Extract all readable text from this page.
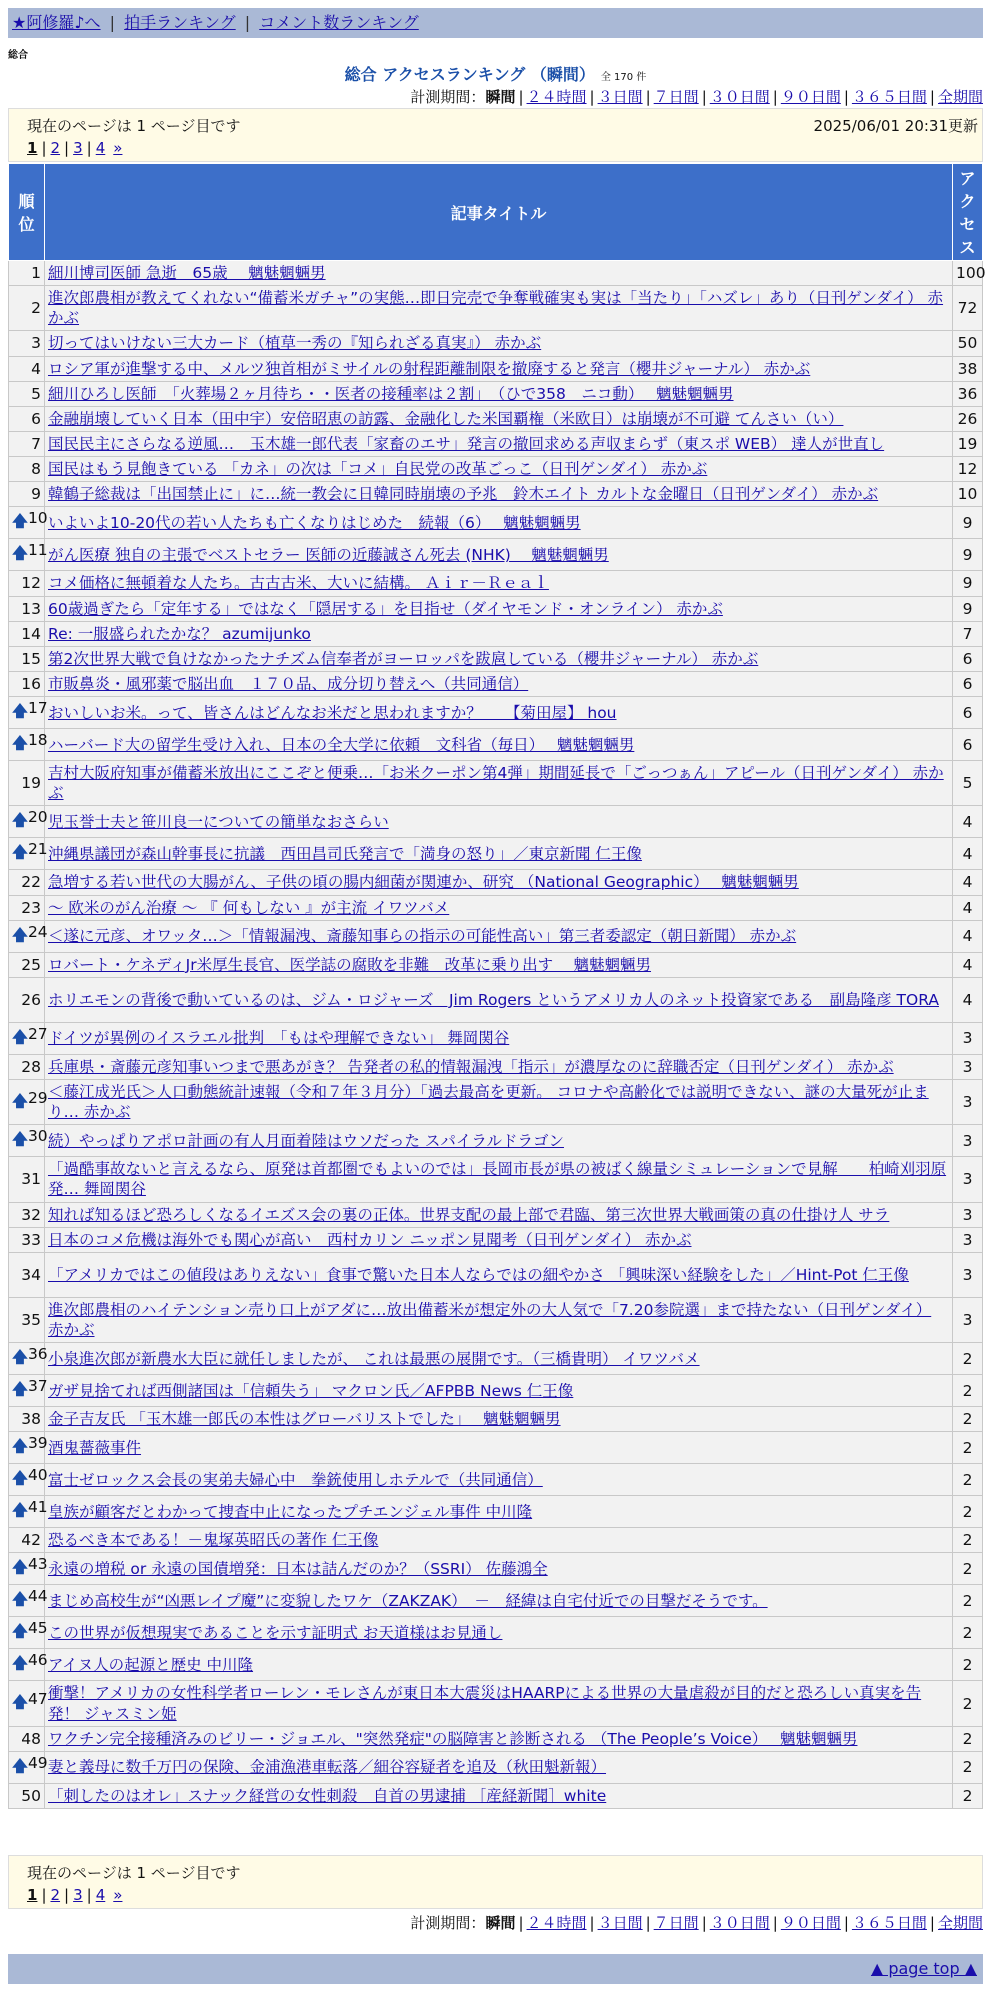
★阿修羅♪へ | 拍手ランキング | コメント数ランキング
総合
総合 アクセスランキング （瞬間） 全 170 件
計測期間：瞬間 | ２４時間 | ３日間 | ７日間 | ３０日間 | ９０日間 | ３６５日間 | 全期間
現在のページは 1 ページ目です	2025/06/01 20:31更新
1 | 2 | 3 | 4 »
順位	記事タイトル	アクセス
1	細川博司医師 急逝　65歳　 魑魅魍魎男	100
2	進次郎農相が教えてくれない“備蓄米ガチャ”の実態…即日完売で争奪戦確実も実は「当たり」「ハズレ」あり（日刊ゲンダイ） 赤かぶ	72
3	切ってはいけない三大カード（植草一秀の『知られざる真実』） 赤かぶ	50
4	ロシア軍が進撃する中、メルツ独首相がミサイルの射程距離制限を撤廃すると発言（櫻井ジャーナル） 赤かぶ	38
5	細川ひろし医師　「火葬場２ヶ月待ち・・医者の接種率は２割」　（ひで358　ニコ動）　 魑魅魍魎男	36
6	金融崩壊していく日本（田中宇）安倍昭恵の訪露、金融化した米国覇権（米欧日）は崩壊が不可避 てんさい（い）	26
7	国民民主にさらなる逆風…　玉木雄一郎代表「家畜のエサ」発言の撤回求める声収まらず（東スポ WEB） 達人が世直し	19
8	国民はもう見飽きている 「カネ」の次は「コメ」自民党の改革ごっこ（日刊ゲンダイ） 赤かぶ	12
9	韓鶴子総裁は「出国禁止に」に…統一教会に日韓同時崩壊の予兆　鈴木エイト カルトな金曜日（日刊ゲンダイ） 赤かぶ	10

🡅 10	いよいよ10-20代の若い人たちも亡くなりはじめた　続報（6）　 魑魅魍魎男	9

🡅 11	がん医療 独自の主張でベストセラー 医師の近藤誠さん死去 (NHK)　 魑魅魍魎男	9
12	コメ価格に無頓着な人たち。古古古米、大いに結構。 Ａｉｒ－Ｒｅａｌ	9
13	60歳過ぎたら「定年する」ではなく「隠居する」を目指せ（ダイヤモンド・オンライン） 赤かぶ	9
14	Re: 一服盛られたかな？ azumijunko	7
15	第2次世界大戦で負けなかったナチズム信奉者がヨーロッパを跋扈している（櫻井ジャーナル） 赤かぶ	6
16	市販鼻炎・風邪薬で脳出血　１７０品、成分切り替えへ（共同通信）	6

🡅 17	おいしいお米。って、皆さんはどんなお米だと思われますか？　　【菊田屋】 hou	6

🡅 18	ハーバード大の留学生受け入れ、日本の全大学に依頼　文科省（毎日）　 魑魅魍魎男	6
19	吉村大阪府知事が備蓄米放出にここぞと便乗…「お米クーポン第4弾」期間延長で「ごっつぁん」アピール（日刊ゲンダイ） 赤かぶ	5

🡅 20	児玉誉士夫と笹川良一についての簡単なおさらい	4

🡅 21	沖縄県議団が森山幹事長に抗議　西田昌司氏発言で「満身の怒り」／東京新聞 仁王像	4
22	急増する若い世代の大腸がん、子供の頃の腸内細菌が関連か、研究 （National Geographic）　 魑魅魍魎男	4
23	～ 欧米のがん治療 ～ 『 何もしない 』が主流 イワツバメ	4

🡅 24	＜遂に元彦、オワッタ…＞「情報漏洩、斎藤知事らの指示の可能性高い」第三者委認定（朝日新聞） 赤かぶ	4
25	ロバート・ケネディJr米厚生長官、医学誌の腐敗を非難　改革に乗り出す　 魑魅魍魎男	4
26	ホリエモンの背後で動いているのは、ジム・ロジャーズ　Jim Rogers というアメリカ人のネット投資家である　副島隆彦 TORA	4

🡅 27	ドイツが異例のイスラエル批判　「もはや理解できない」 舞岡関谷	3
28	兵庫県・斎藤元彦知事いつまで悪あがき？ 告発者の私的情報漏洩「指示」が濃厚なのに辞職否定（日刊ゲンダイ） 赤かぶ	3

🡅 29	＜藤江成光氏＞人口動態統計速報（令和７年３月分）「過去最高を更新。 コロナや高齢化では説明できない、謎の大量死が止まり… 赤かぶ	3

🡅 30	続）やっぱりアポロ計画の有人月面着陸はウソだった スパイラルドラゴン	3
31	「過酷事故ないと言えるなら、原発は首都圏でもよいのでは」長岡市長が県の被ばく線量シミュレーションで見解　　柏崎刈羽原発… 舞岡関谷	3
32	知れば知るほど恐ろしくなるイエズス会の裏の正体。世界支配の最上部で君臨、第三次世界大戦画策の真の仕掛け人 サラ	3
33	日本のコメ危機は海外でも関心が高い　西村カリン ニッポン見聞考（日刊ゲンダイ） 赤かぶ	3
34	「アメリカではこの値段はありえない」食事で驚いた日本人ならではの細やかさ 「興味深い経験をした」／Hint-Pot 仁王像	3
35	進次郎農相のハイテンション売り口上がアダに…放出備蓄米が想定外の大人気で「7.20参院選」まで持たない（日刊ゲンダイ） 赤かぶ	3

🡅 36	小泉進次郎が新農水大臣に就任しましたが、 これは最悪の展開です。（三橋貴明） イワツバメ	2

🡅 37	ガザ見捨てれば西側諸国は「信頼失う」 マクロン氏／AFPBB News 仁王像	2
38	金子吉友氏 「玉木雄一郎氏の本性はグローバリストでした」　 魑魅魍魎男	2

🡅 39	酒鬼薔薇事件	2

🡅 40	富士ゼロックス会長の実弟夫婦心中　拳銃使用しホテルで（共同通信）	2

🡅 41	皇族が顧客だとわかって捜査中止になったプチエンジェル事件 中川隆	2
42	恐るべき本である！－鬼塚英昭氏の著作 仁王像	2

🡅 43	永遠の増税 or 永遠の国債増発：日本は詰んだのか？（SSRI） 佐藤鴻全	2

🡅 44	まじめ高校生が“凶悪レイプ魔”に変貌したワケ（ZAKZAK）　－　経緯は自宅付近での目撃だそうです。	2

🡅 45	この世界が仮想現実であることを示す証明式 お天道様はお見通し	2

🡅 46	アイヌ人の起源と歴史 中川隆	2

🡅 47	衝撃！アメリカの女性科学者ローレン・モレさんが東日本大震災はHAARPによる世界の大量虐殺が目的だと恐ろしい真実を告発！ ジャスミン姫	2
48	ワクチン完全接種済みのビリー・ジョエル、"突然発症"の脳障害と診断される （The People’s Voice）　 魑魅魍魎男	2

🡅 49	妻と義母に数千万円の保険、金浦漁港車転落／細谷容疑者を追及（秋田魁新報）	2
50	「刺したのはオレ」スナック経営の女性刺殺　自首の男逮捕 ［産経新聞］white	2
現在のページは 1 ページ目です
1 | 2 | 3 | 4 »
計測期間：瞬間 | ２４時間 | ３日間 | ７日間 | ３０日間 | ９０日間 | ３６５日間 | 全期間
▲ page top ▲
